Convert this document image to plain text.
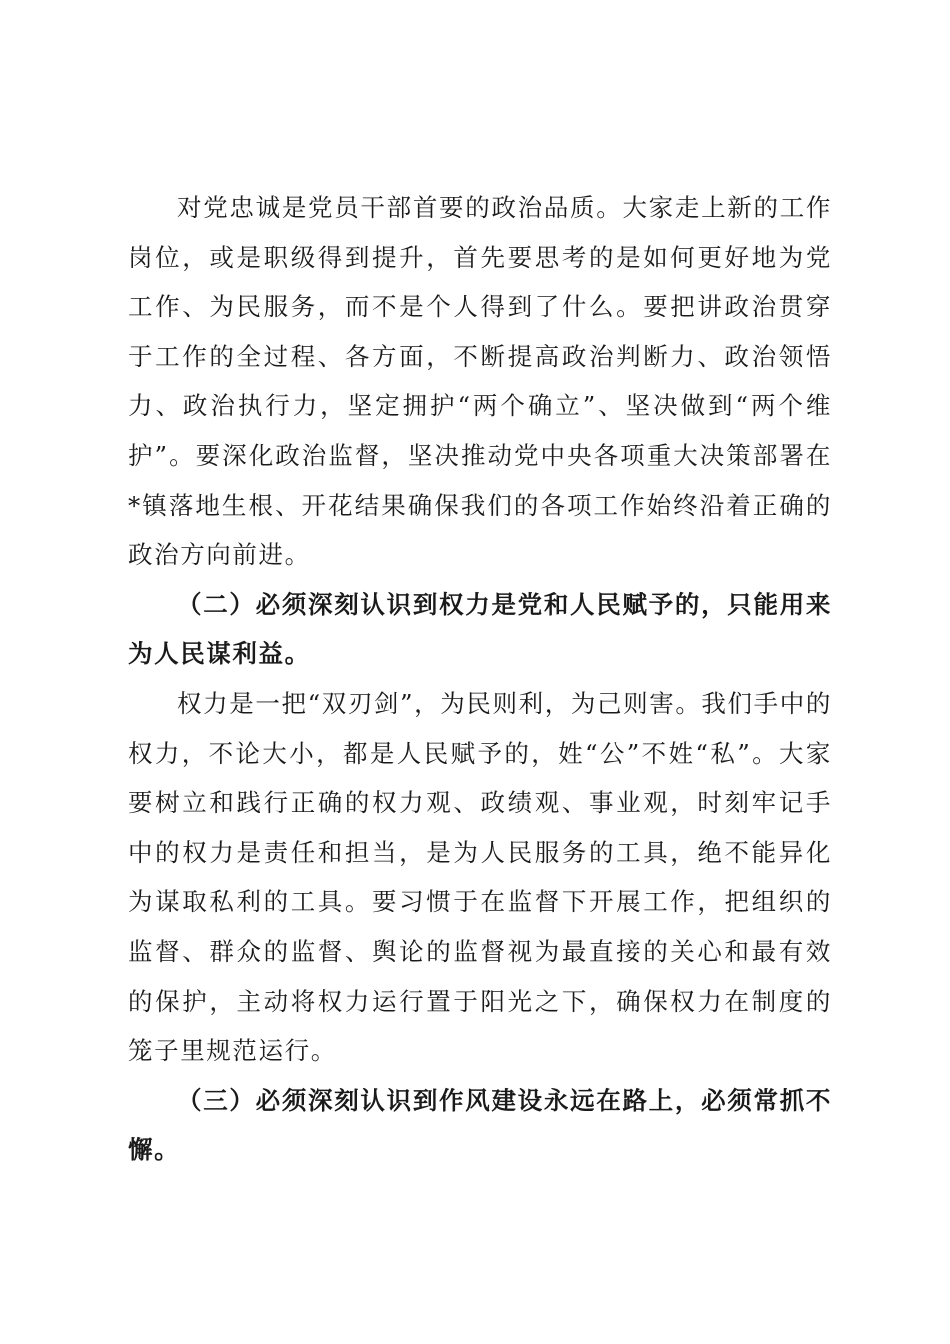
对党忠诚是党员干部首要的政治品质。大家走上新的工作岗位，或是职级得到提升，首先要思考的是如何更好地为党工作、为民服务，而不是个人得到了什么。要把讲政治贯穿于工作的全过程、各方面，不断提高政治判断力、政治领悟力、政治执行力，坚定拥护“两个确立”、坚决做到“两个维护”。要深化政治监督，坚决推动党中央各项重大决策部署在*镇落地生根、开花结果确保我们的各项工作始终沿着正确的政治方向前进。

（二）必须深刻认识到权力是党和人民赋予的，只能用来为人民谋利益。

权力是一把“双刃剑”，为民则利，为己则害。我们手中的权力，不论大小，都是人民赋予的，姓“公”不姓“私”。大家要树立和践行正确的权力观、政绩观、事业观，时刻牢记手中的权力是责任和担当，是为人民服务的工具，绝不能异化为谋取私利的工具。要习惯于在监督下开展工作，把组织的监督、群众的监督、舆论的监督视为最直接的关心和最有效的保护，主动将权力运行置于阳光之下，确保权力在制度的笼子里规范运行。

（三）必须深刻认识到作风建设永远在路上，必须常抓不懈。
